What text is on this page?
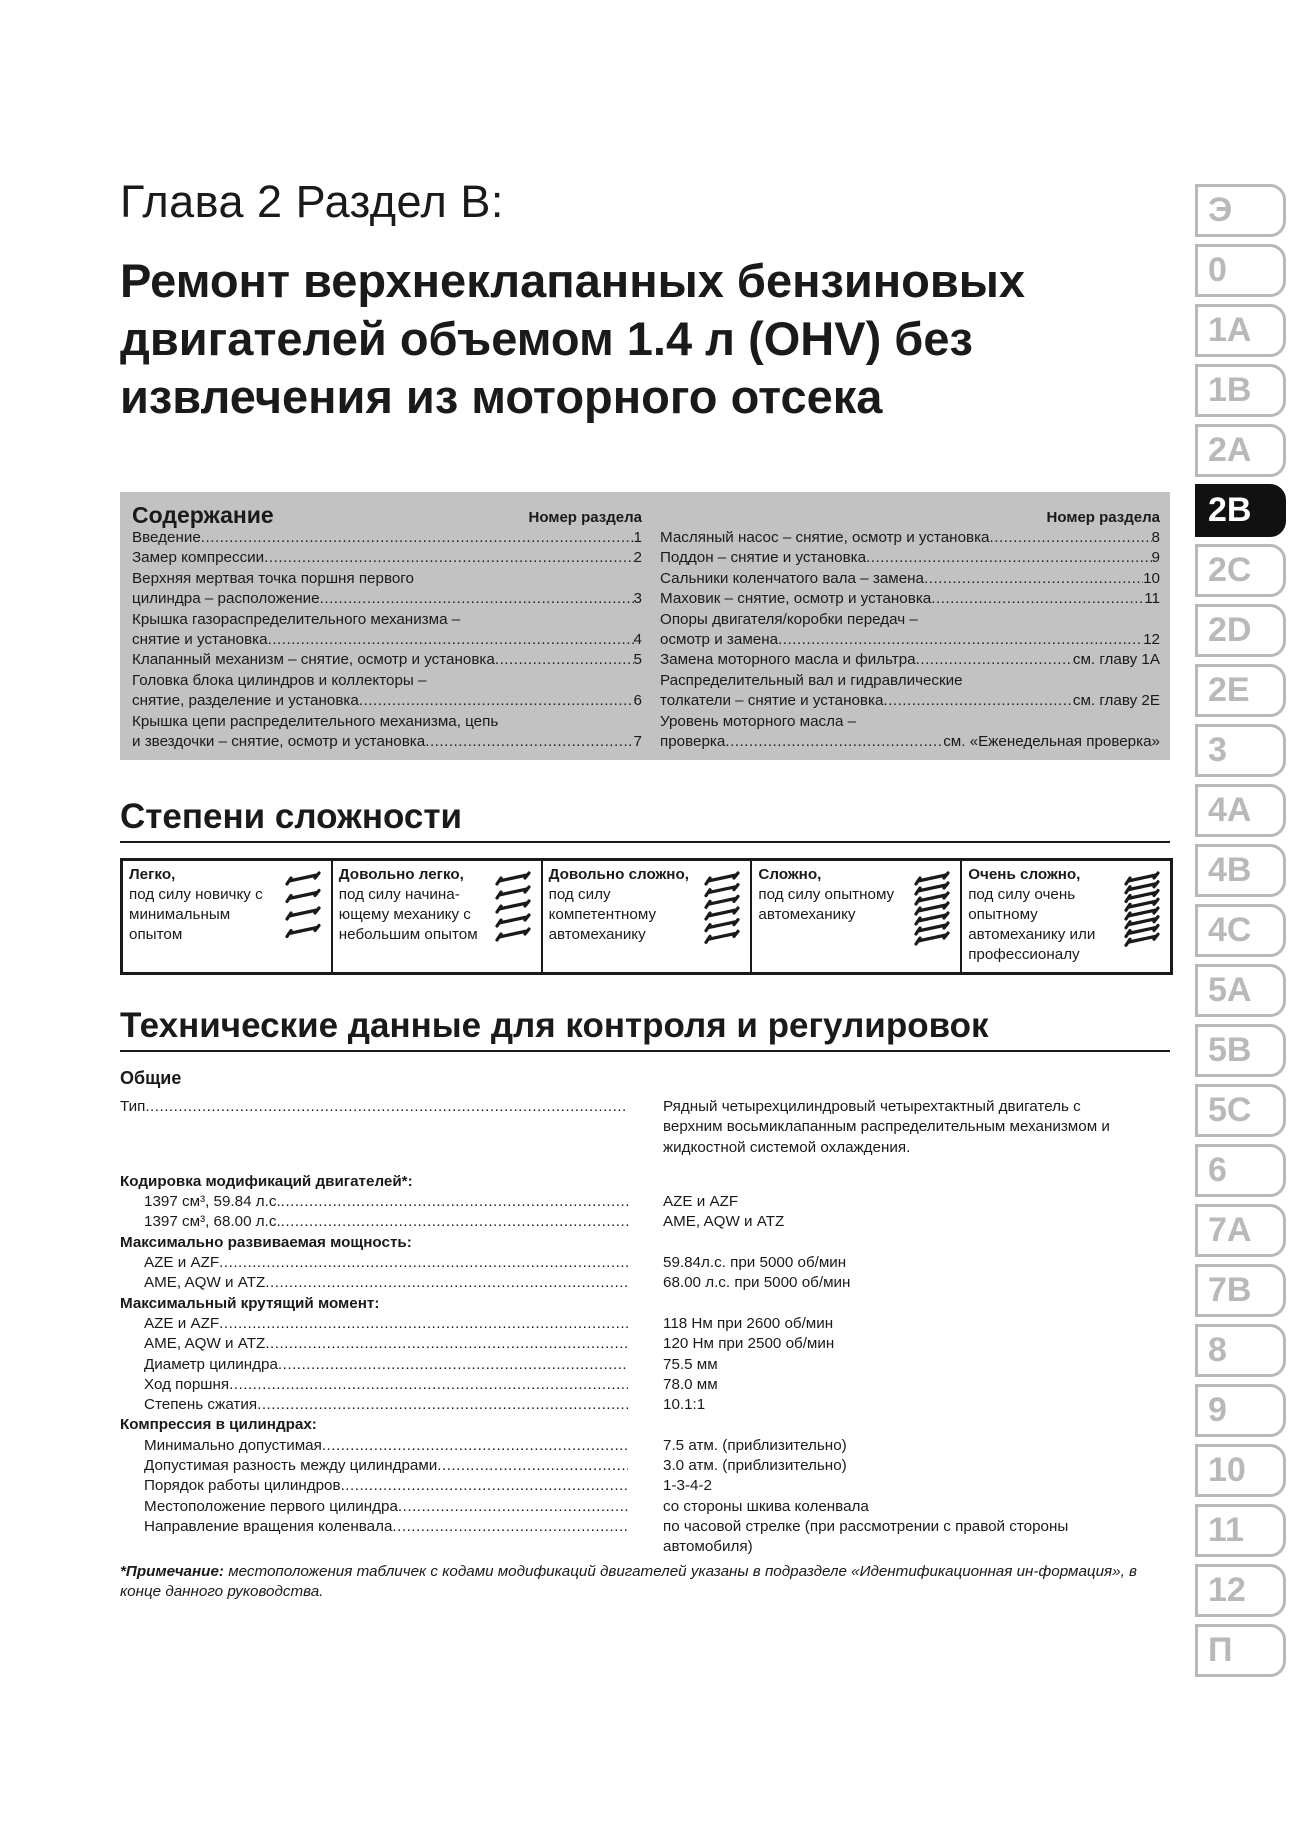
Глава 2 Раздел В:
Ремонт верхнеклапанных бензиновых двигателей объемом 1.4 л (OHV) без извлечения из моторного отсека
Содержание	Номер раздела
Введение .....	1
Замер компрессии .....	2
Верхняя мертвая точка поршня первого
цилиндра – расположение .....	3
Крышка газораспределительного механизма –
снятие и установка .....	4
Клапанный механизм – снятие, осмотр и установка .....	5
Головка блока цилиндров и коллекторы –
снятие, разделение и установка .....	6
Крышка цепи распределительного механизма, цепь
и звездочки – снятие, осмотр и установка .....	7
Номер раздела
Масляный насос – снятие, осмотр и установка .....	8
Поддон – снятие и установка .....	9
Сальники коленчатого вала – замена .....	10
Маховик – снятие, осмотр и установка .....	11
Опоры двигателя/коробки передач –
осмотр и замена .....	12
Замена моторного масла и фильтра .....	см. главу 1А
Распределительный вал и гидравлические
толкатели – снятие и установка .....	см. главу 2Е
Уровень моторного масла –
проверка .....	см. «Еженедельная проверка»
Степени сложности
Легко,
под силу новичку с минимальным опытом
Довольно легко,
под силу начина-ющему механику с небольшим опытом
Довольно сложно,
под силу компетентному автомеханику
Сложно,
под силу опытному автомеханику
Очень сложно,
под силу очень опытному автомеханику или профессионалу
Технические данные для контроля и регулировок
Общие
Тип .....	Рядный четырехцилиндровый четырехтактный двигатель с верхним восьмиклапанным распределительным механизмом и жидкостной системой охлаждения.
Кодировка модификаций двигателей*:
1397 см³, 59.84 л.с. .....	AZE и AZF
1397 см³, 68.00 л.с. .....	AME, AQW и ATZ
Максимально развиваемая мощность:
AZE и AZF .....	59.84л.с. при 5000 об/мин
AME, AQW и ATZ .....	68.00 л.с. при 5000 об/мин
Максимальный крутящий момент:
AZE и AZF .....	118 Нм при 2600 об/мин
AME, AQW и ATZ .....	120 Нм при 2500 об/мин
Диаметр цилиндра .....	75.5 мм
Ход поршня .....	78.0 мм
Степень сжатия .....	10.1:1
Компрессия в цилиндрах:
Минимально допустимая .....	7.5 атм. (приблизительно)
Допустимая разность между цилиндрами .....	3.0 атм. (приблизительно)
Порядок работы цилиндров .....	1-3-4-2
Местоположение первого цилиндра .....	со стороны шкива коленвала
Направление вращения коленвала .....	по часовой стрелке (при рассмотрении с правой стороны автомобиля)
*Примечание: местоположения табличек с кодами модификаций двигателей указаны в подразделе «Идентификационная ин-формация», в конце данного руководства.
Э
0
1A
1B
2A
2B
2C
2D
2E
3
4A
4B
4C
5A
5B
5C
6
7A
7B
8
9
10
11
12
П
